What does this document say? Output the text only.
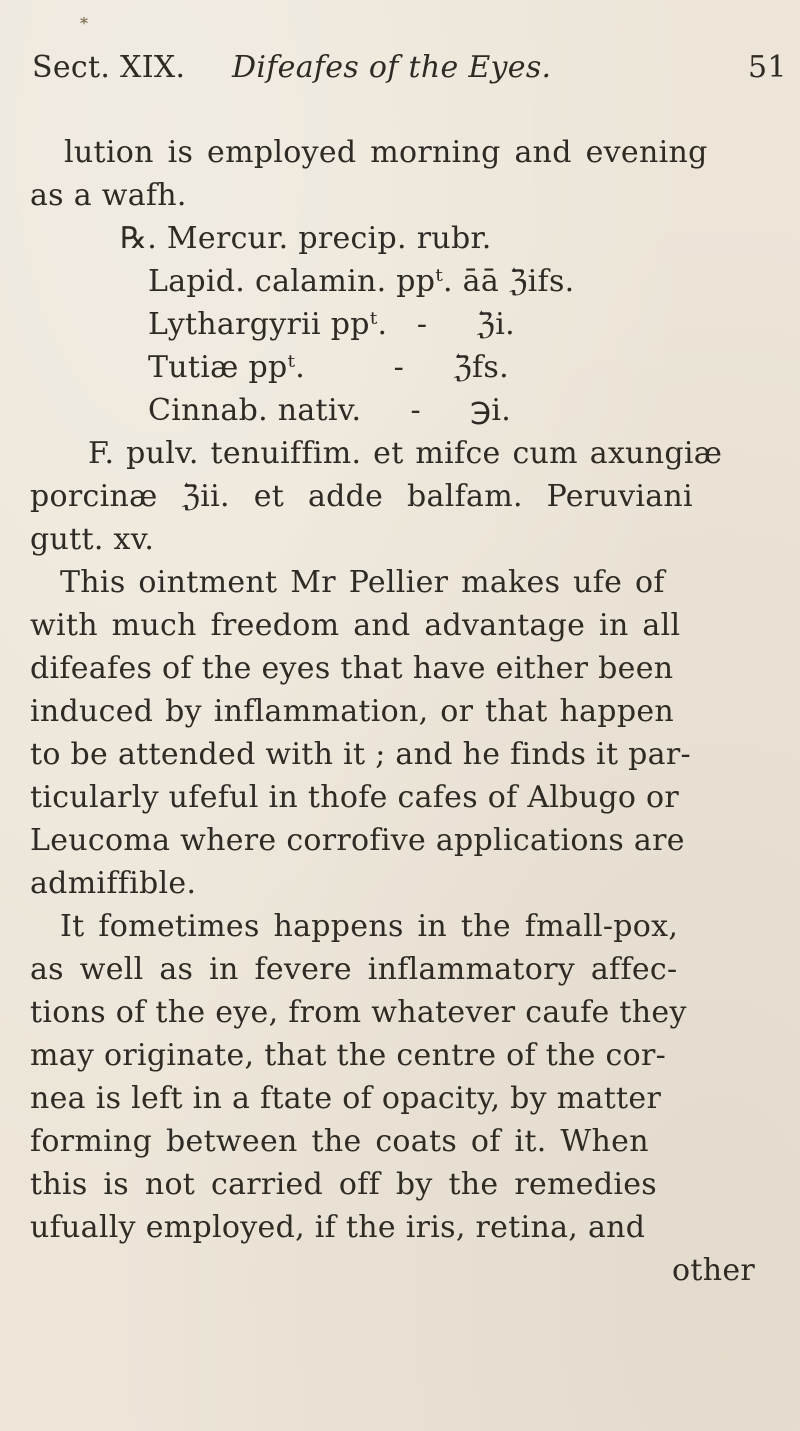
*
Sect. XIX. Difeafes of the Eyes.	51
lution is employed morning and evening
as a wafh.
℞. Mercur. precip. rubr.
Lapid. calamin. ppᵗ. āā ℨifs.
Lythargyrii ppᵗ.   -     ℨi.
Tutiæ ppᵗ.         -     ℨfs.
Cinnab. nativ.     -     ℈i.
F. pulv. tenuiffim. et mifce cum axungiæ
porcinæ ℨii. et adde balfam. Peruviani
gutt. xv.
This ointment Mr Pellier makes ufe of
with much freedom and advantage in all
difeafes of the eyes that have either been
induced by inflammation, or that happen
to be attended with it ; and he finds it par-
ticularly ufeful in thofe cafes of Albugo or
Leucoma where corrofive applications are
admiffible.
It fometimes happens in the fmall-pox,
as well as in fevere inflammatory affec-
tions of the eye, from whatever caufe they
may originate, that the centre of the cor-
nea is left in a ftate of opacity, by matter
forming between the coats of it. When
this is not carried off by the remedies
ufually employed, if the iris, retina, and
other
